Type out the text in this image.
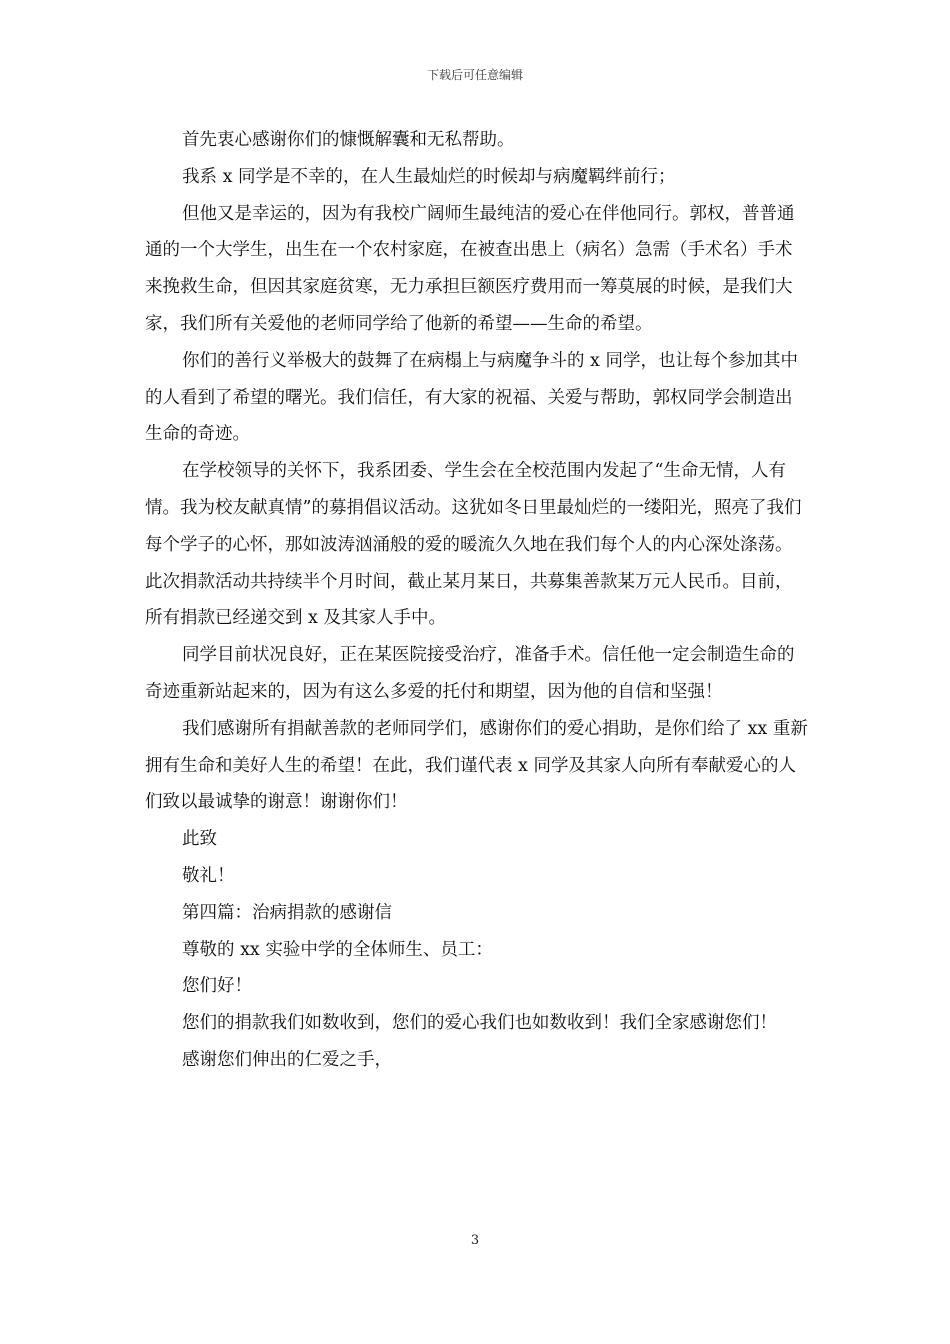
下载后可任意编辑

首先衷心感谢你们的慷慨解囊和无私帮助。

我系 x 同学是不幸的，在人生最灿烂的时候却与病魔羁绊前行；

但他又是幸运的，因为有我校广阔师生最纯洁的爱心在伴他同行。郭权，普普通通的一个大学生，出生在一个农村家庭，在被查出患上（病名）急需（手术名）手术来挽救生命，但因其家庭贫寒，无力承担巨额医疗费用而一筹莫展的时候，是我们大家，我们所有关爱他的老师同学给了他新的希望——生命的希望。

你们的善行义举极大的鼓舞了在病榻上与病魔争斗的 x 同学，也让每个参加其中的人看到了希望的曙光。我们信任，有大家的祝福、关爱与帮助，郭权同学会制造出生命的奇迹。

在学校领导的关怀下，我系团委、学生会在全校范围内发起了“生命无情，人有情。我为校友献真情”的募捐倡议活动。这犹如冬日里最灿烂的一缕阳光，照亮了我们每个学子的心怀，那如波涛汹涌般的爱的暖流久久地在我们每个人的内心深处涤荡。此次捐款活动共持续半个月时间，截止某月某日，共募集善款某万元人民币。目前，所有捐款已经递交到 x 及其家人手中。

同学目前状况良好，正在某医院接受治疗，准备手术。信任他一定会制造生命的奇迹重新站起来的，因为有这么多爱的托付和期望，因为他的自信和坚强！

我们感谢所有捐献善款的老师同学们，感谢你们的爱心捐助，是你们给了 xx 重新拥有生命和美好人生的希望！在此，我们谨代表 x 同学及其家人向所有奉献爱心的人们致以最诚挚的谢意！谢谢你们！

此致

敬礼！

第四篇：治病捐款的感谢信

尊敬的 xx 实验中学的全体师生、员工：

您们好！

您们的捐款我们如数收到，您们的爱心我们也如数收到！我们全家感谢您们！

感谢您们伸出的仁爱之手，

3
